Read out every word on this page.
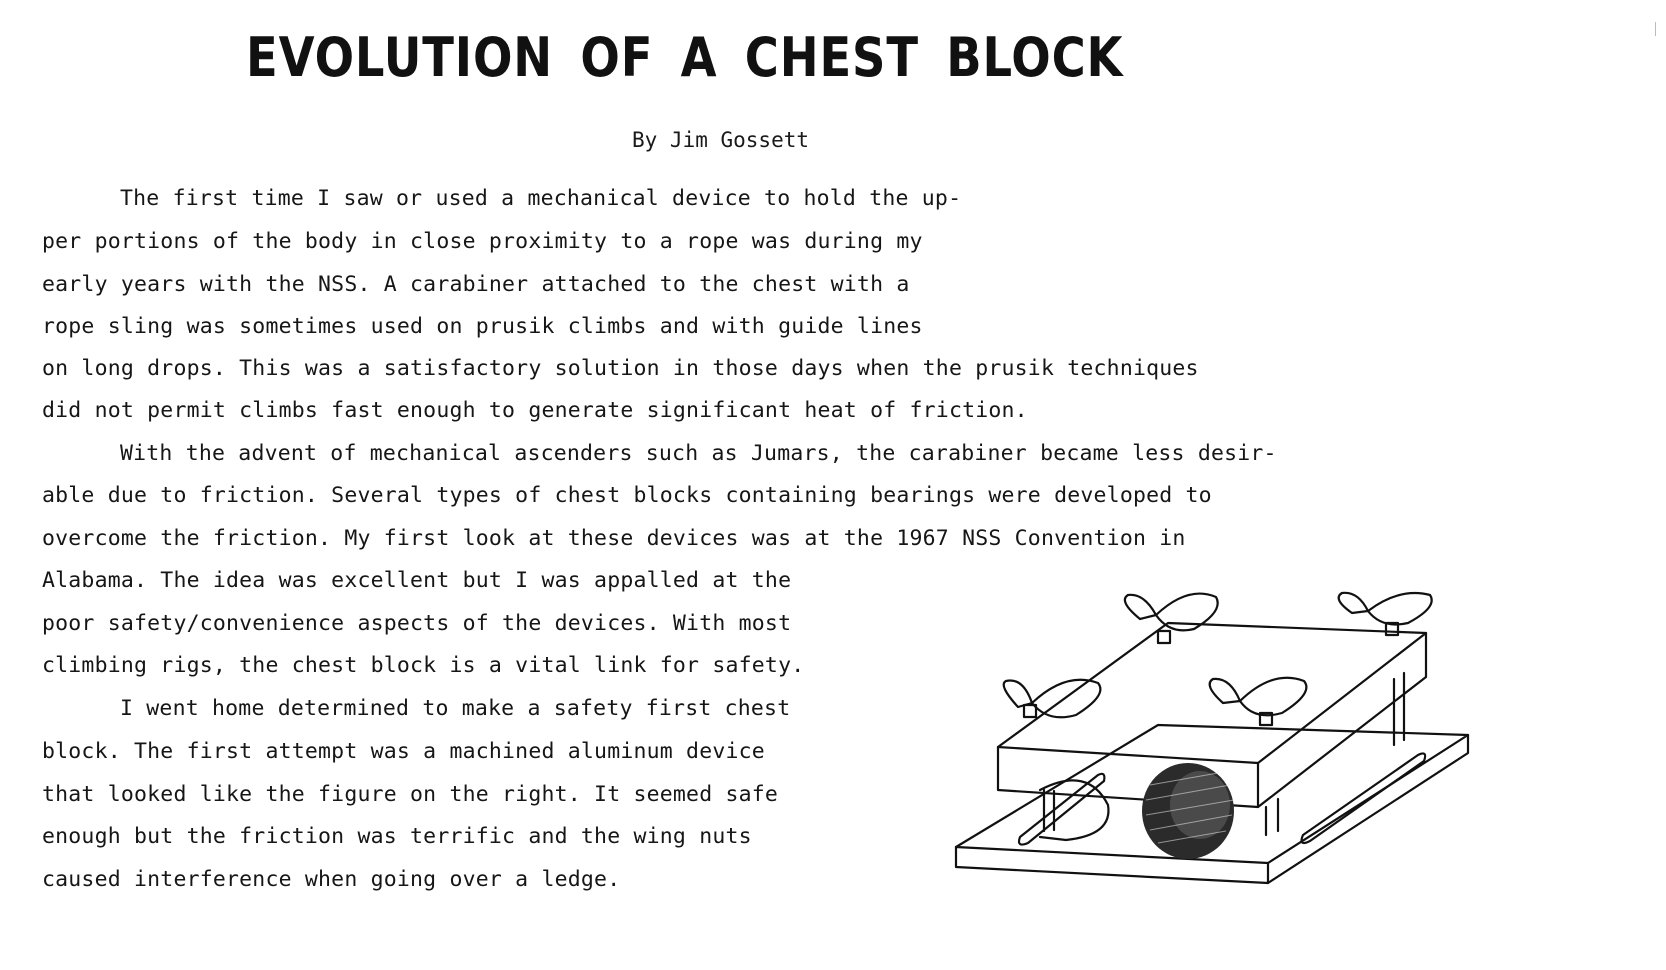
EVOLUTION OF A CHEST BLOCK
By Jim Gossett
The first time I saw or used a mechanical device to hold the up-
per portions of the body in close proximity to a rope was during my
early years with the NSS. A carabiner attached to the chest with a
rope sling was sometimes used on prusik climbs and with guide lines
on long drops. This was a satisfactory solution in those days when the prusik techniques
did not permit climbs fast enough to generate significant heat of friction.
With the advent of mechanical ascenders such as Jumars, the carabiner became less desir-
able due to friction. Several types of chest blocks containing bearings were developed to
overcome the friction. My first look at these devices was at the 1967 NSS Convention in
Alabama. The idea was excellent but I was appalled at the
poor safety/convenience aspects of the devices. With most
climbing rigs, the chest block is a vital link for safety.
I went home determined to make a safety first chest
block. The first attempt was a machined aluminum device
that looked like the figure on the right. It seemed safe
enough but the friction was terrific and the wing nuts
caused interference when going over a ledge.
